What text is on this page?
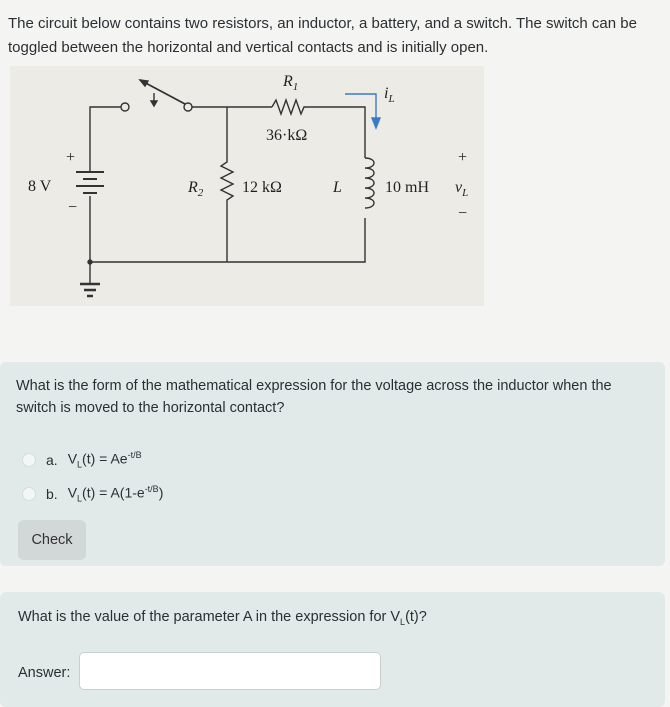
The circuit below contains two resistors, an inductor, a battery, and a switch. The switch can be toggled between the horizontal and vertical contacts and is initially open.
8 V
+
−
$R_1$
36·kΩ
$R_2$ 12 kΩ	L	10 mH
+
$v_L$
−
$i_L$
What is the form of the mathematical expression for the voltage across the inductor when the switch is moved to the horizontal contact?
a. $V_L(t) = Ae^{-t/B}$
b. $V_L(t) = A(1-e^{-t/B})$
Check
What is the value of the parameter A in the expression for $V_L(t)$?
Answer:
